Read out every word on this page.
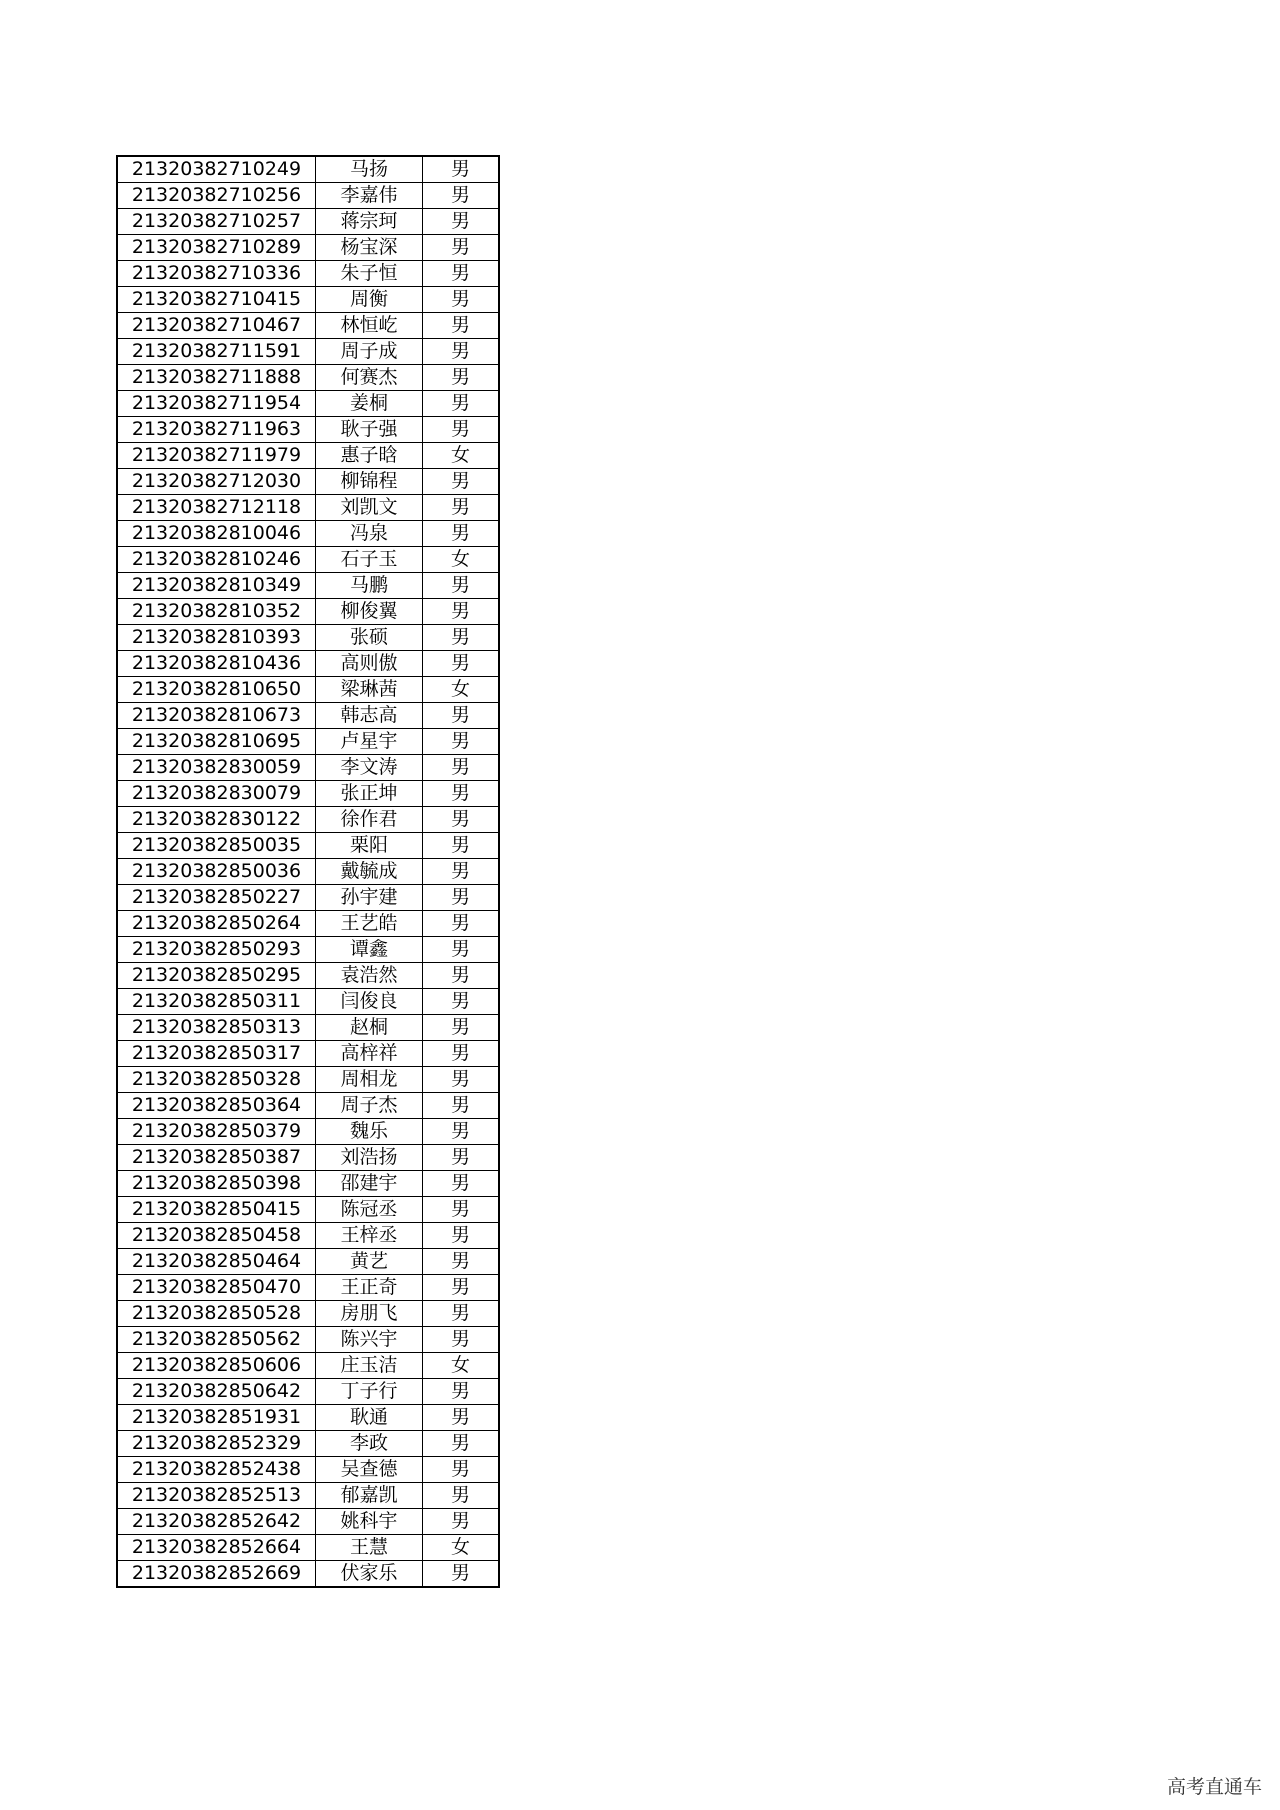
21320382710249	马扬	男
21320382710256	李嘉伟	男
21320382710257	蒋宗珂	男
21320382710289	杨宝深	男
21320382710336	朱子恒	男
21320382710415	周衡	男
21320382710467	林恒屹	男
21320382711591	周子成	男
21320382711888	何赛杰	男
21320382711954	姜桐	男
21320382711963	耿子强	男
21320382711979	惠子晗	女
21320382712030	柳锦程	男
21320382712118	刘凯文	男
21320382810046	冯泉	男
21320382810246	石子玉	女
21320382810349	马鹏	男
21320382810352	柳俊翼	男
21320382810393	张硕	男
21320382810436	高则傲	男
21320382810650	梁琳茜	女
21320382810673	韩志高	男
21320382810695	卢星宇	男
21320382830059	李文涛	男
21320382830079	张正坤	男
21320382830122	徐作君	男
21320382850035	栗阳	男
21320382850036	戴毓成	男
21320382850227	孙宇建	男
21320382850264	王艺皓	男
21320382850293	谭鑫	男
21320382850295	袁浩然	男
21320382850311	闫俊良	男
21320382850313	赵桐	男
21320382850317	高梓祥	男
21320382850328	周相龙	男
21320382850364	周子杰	男
21320382850379	魏乐	男
21320382850387	刘浩扬	男
21320382850398	邵建宇	男
21320382850415	陈冠丞	男
21320382850458	王梓丞	男
21320382850464	黄艺	男
21320382850470	王正奇	男
21320382850528	房朋飞	男
21320382850562	陈兴宇	男
21320382850606	庄玉洁	女
21320382850642	丁子行	男
21320382851931	耿通	男
21320382852329	李政	男
21320382852438	吴查德	男
21320382852513	郁嘉凯	男
21320382852642	姚科宇	男
21320382852664	王慧	女
21320382852669	伏家乐	男
高考直通车
